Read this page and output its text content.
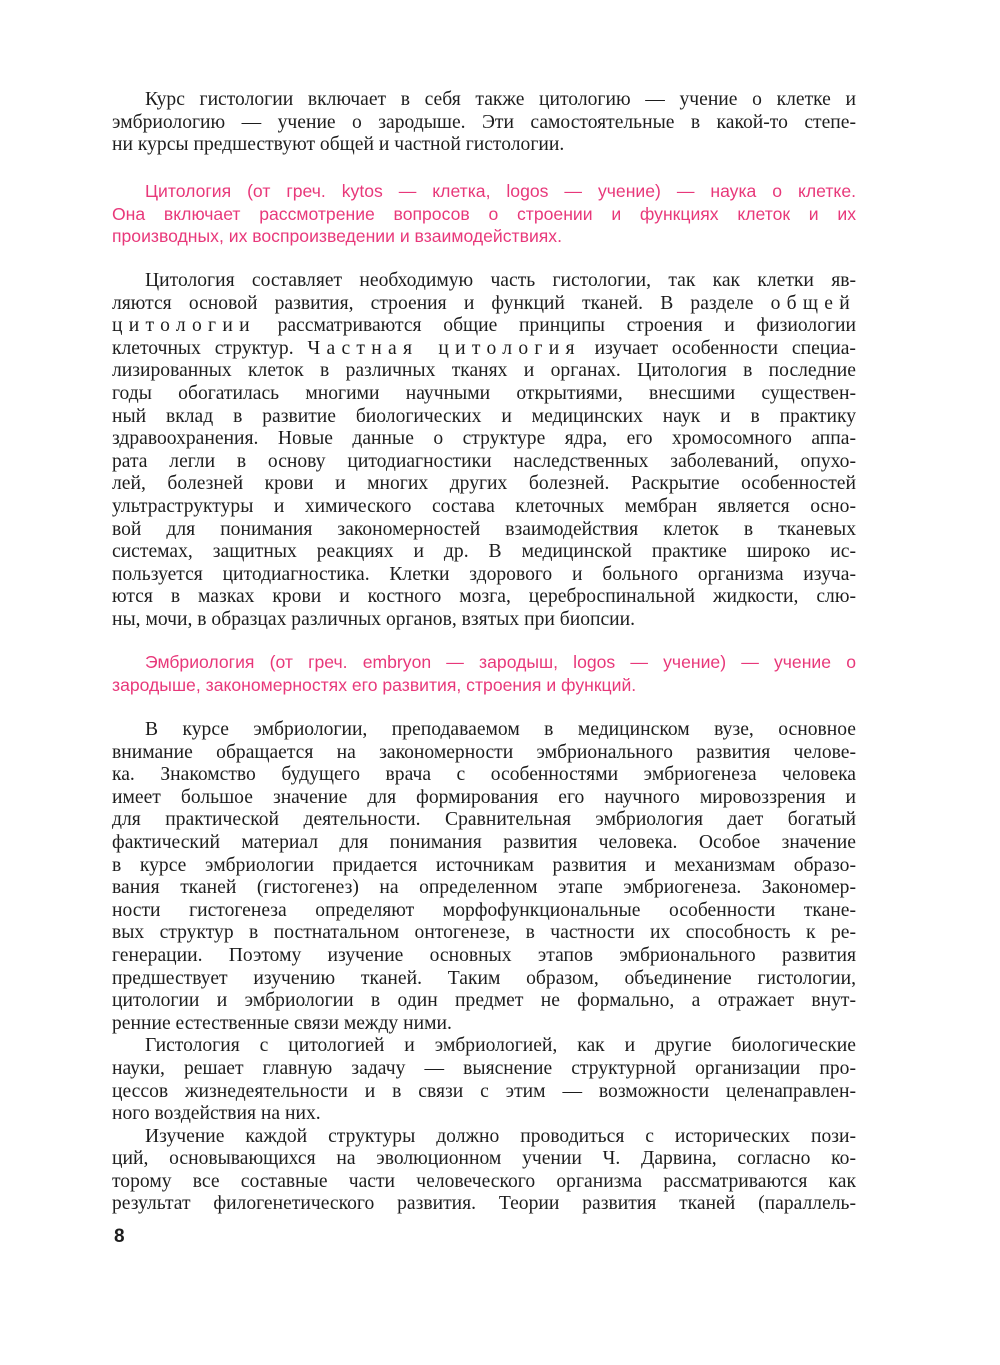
Курс гистологии включает в себя также цитологию — учение о клетке и
эмбриологию — учение о зародыше. Эти самостоятельные в какой-то степе-
ни курсы предшествуют общей и частной гистологии.
Цитология (от греч. kytos — клетка, logos — учение) — наука о клетке.
Она включает рассмотрение вопросов о строении и функциях клеток и их
производных, их воспроизведении и взаимодействиях.
Цитология составляет необходимую часть гистологии, так как клетки яв-
ляются основой развития, строения и функций тканей. В разделе общей
цитологии рассматриваются общие принципы строения и физиологии
клеточных структур. Частная цитология изучает особенности специа-
лизированных клеток в различных тканях и органах. Цитология в последние
годы обогатилась многими научными открытиями, внесшими существен-
ный вклад в развитие биологических и медицинских наук и в практику
здравоохранения. Новые данные о структуре ядра, его хромосомного аппа-
рата легли в основу цитодиагностики наследственных заболеваний, опухо-
лей, болезней крови и многих других болезней. Раскрытие особенностей
ультраструктуры и химического состава клеточных мембран является осно-
вой для понимания закономерностей взаимодействия клеток в тканевых
системах, защитных реакциях и др. В медицинской практике широко ис-
пользуется цитодиагностика. Клетки здорового и больного организма изуча-
ются в мазках крови и костного мозга, цереброспинальной жидкости, слю-
ны, мочи, в образцах различных органов, взятых при биопсии.
Эмбриология (от греч. embryon — зародыш, logos — учение) — учение о
зародыше, закономерностях его развития, строения и функций.
В курсе эмбриологии, преподаваемом в медицинском вузе, основное
внимание обращается на закономерности эмбрионального развития челове-
ка. Знакомство будущего врача с особенностями эмбриогенеза человека
имеет большое значение для формирования его научного мировоззрения и
для практической деятельности. Сравнительная эмбриология дает богатый
фактический материал для понимания развития человека. Особое значение
в курсе эмбриологии придается источникам развития и механизмам образо-
вания тканей (гистогенез) на определенном этапе эмбриогенеза. Закономер-
ности гистогенеза определяют морфофункциональные особенности ткане-
вых структур в постнатальном онтогенезе, в частности их способность к ре-
генерации. Поэтому изучение основных этапов эмбрионального развития
предшествует изучению тканей. Таким образом, объединение гистологии,
цитологии и эмбриологии в один предмет не формально, а отражает внут-
ренние естественные связи между ними.
Гистология с цитологией и эмбриологией, как и другие биологические
науки, решает главную задачу — выяснение структурной организации про-
цессов жизнедеятельности и в связи с этим — возможности целенаправлен-
ного воздействия на них.
Изучение каждой структуры должно проводиться с исторических пози-
ций, основывающихся на эволюционном учении Ч. Дарвина, согласно ко-
торому все составные части человеческого организма рассматриваются как
результат филогенетического развития. Теории развития тканей (параллель-

8
